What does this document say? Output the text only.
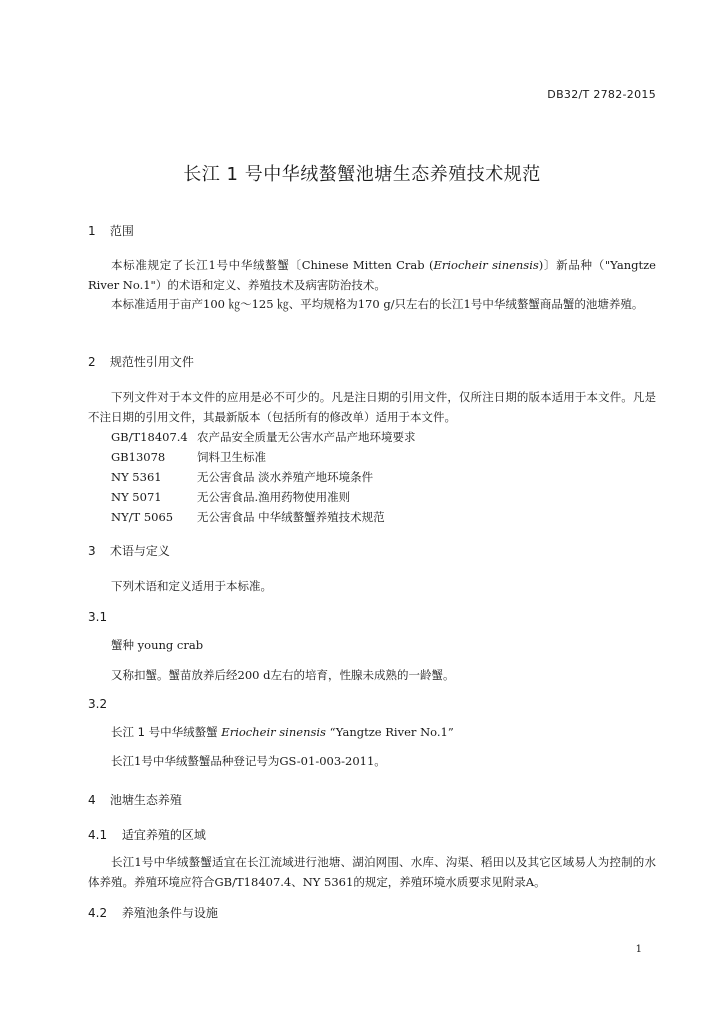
DB32/T 2782-2015
长江 1 号中华绒螯蟹池塘生态养殖技术规范
1 范围
本标准规定了长江1号中华绒螯蟹〔Chinese Mitten Crab (Eriocheir sinensis)〕新品种（"Yangtze River No.1"）的术语和定义、养殖技术及病害防治技术。
本标准适用于亩产100 ㎏～125 ㎏、平均规格为170 g/只左右的长江1号中华绒螯蟹商品蟹的池塘养殖。
2 规范性引用文件
下列文件对于本文件的应用是必不可少的。凡是注日期的引用文件，仅所注日期的版本适用于本文件。凡是不注日期的引用文件，其最新版本（包括所有的修改单）适用于本文件。
GB/T18407.4 农产品安全质量无公害水产品产地环境要求
GB13078	饲料卫生标准
NY 5361	无公害食品 淡水养殖产地环境条件
NY 5071	无公害食品.渔用药物使用准则
NY/T 5065 无公害食品 中华绒螯蟹养殖技术规范
3 术语与定义
下列术语和定义适用于本标准。
3.1
蟹种 young crab
又称扣蟹。蟹苗放养后经200 d左右的培育，性腺未成熟的一龄蟹。
3.2
长江 1 号中华绒螯蟹 Eriocheir sinensis “Yangtze River No.1”
长江1号中华绒螯蟹品种登记号为GS-01-003-2011。
4 池塘生态养殖
4.1 适宜养殖的区域
长江1号中华绒螯蟹适宜在长江流域进行池塘、湖泊网围、水库、沟渠、稻田以及其它区域易人为控制的水体养殖。养殖环境应符合GB/T18407.4、NY 5361的规定，养殖环境水质要求见附录A。
4.2 养殖池条件与设施
1
